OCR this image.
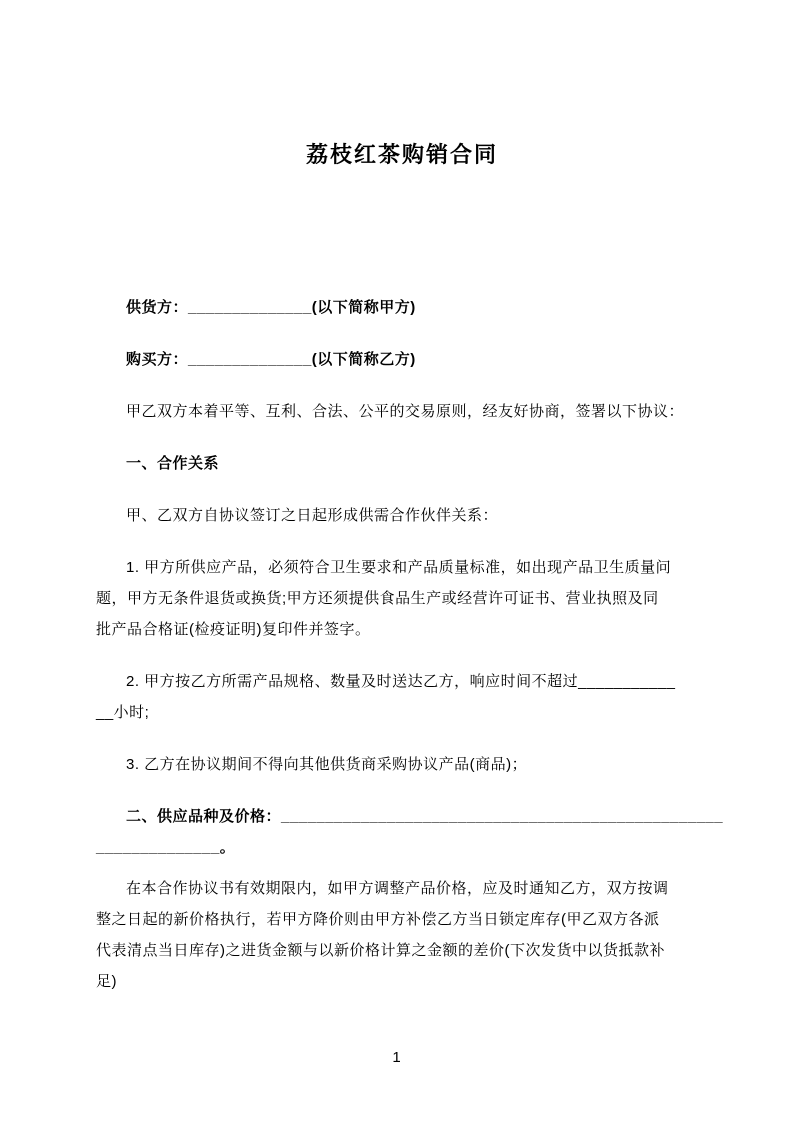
荔枝红茶购销合同
供货方：______________(以下简称甲方)
购买方：______________(以下简称乙方)
甲乙双方本着平等、互利、合法、公平的交易原则，经友好协商，签署以下协议：
一、合作关系
甲、乙双方自协议签订之日起形成供需合作伙伴关系：
1. 甲方所供应产品，必须符合卫生要求和产品质量标准，如出现产品卫生质量问
题，甲方无条件退货或换货;甲方还须提供食品生产或经营许可证书、营业执照及同
批产品合格证(检疫证明)复印件并签字。
2. 甲方按乙方所需产品规格、数量及时送达乙方，响应时间不超过___________
__小时;
3. 乙方在协议期间不得向其他供货商采购协议产品(商品)；
二、供应品种及价格：__________________________________________________
______________。
在本合作协议书有效期限内，如甲方调整产品价格，应及时通知乙方，双方按调
整之日起的新价格执行，若甲方降价则由甲方补偿乙方当日锁定库存(甲乙双方各派
代表清点当日库存)之进货金额与以新价格计算之金额的差价(下次发货中以货抵款补
足)
1
